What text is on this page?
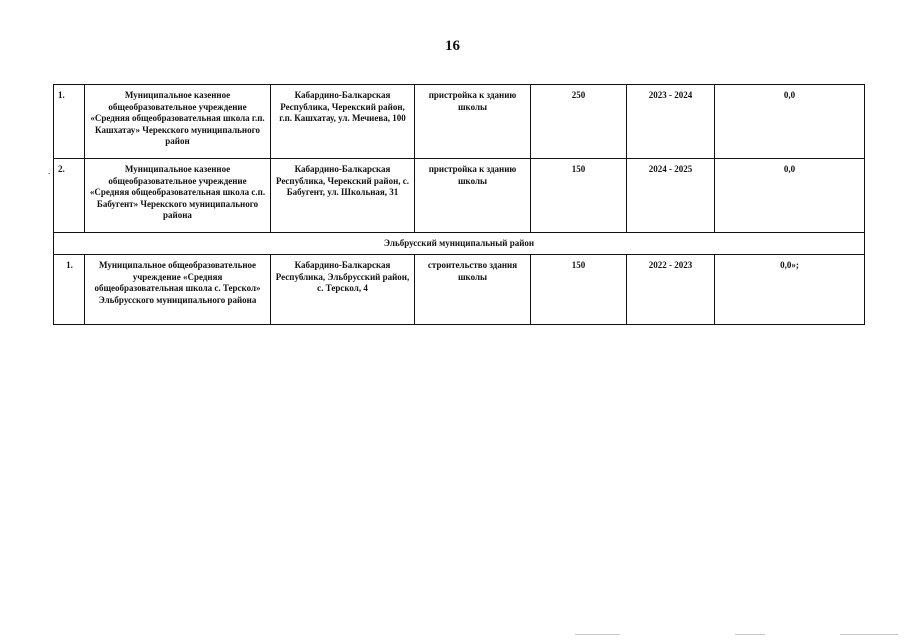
16
.
1.	Муниципальное казенное общеобразовательное учреждение «Средняя общеобразовательная школа г.п. Кашхатау» Черекского муниципального район	Кабардино-Балкарская Республика, Черекский район, г.п. Кашхатау, ул. Мечиева, 100	пристройка к зданию школы	250	2023 - 2024	0,0
2.	Муниципальное казенное общеобразовательное учреждение «Средняя общеобразовательная школа с.п. Бабугент» Черекского муниципального района	Кабардино-Балкарская Республика, Черекский район, с. Бабугент, ул. Школьная, 31	пристройка к зданию школы	150	2024 - 2025	0,0
Эльбрусский муниципальный район						
1.	Муниципальное общеобразовательное учреждение «Средняя общеобразовательная школа с. Терскол» Эльбрусского муниципального района	Кабардино-Балкарская Республика, Эльбрусский район, с. Терскол, 4	строительство здания школы	150	2022 - 2023	0,0»;
